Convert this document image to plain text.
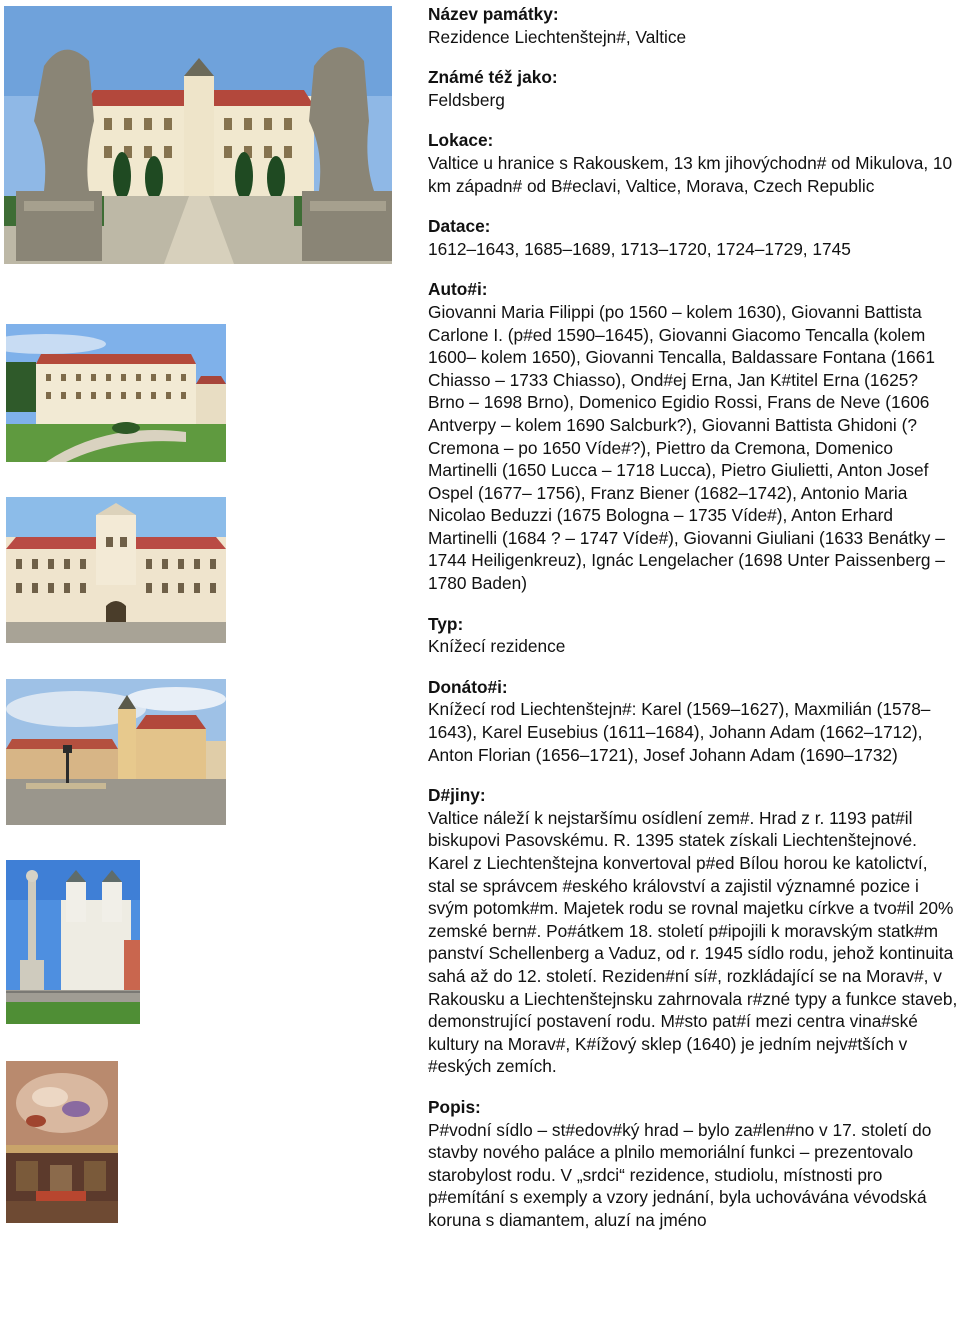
Název památky:
Rezidence Liechtenštejn#, Valtice
Známé též jako:
Feldsberg
Lokace:
Valtice u hranice s Rakouskem, 13 km jihovýchodn# od Mikulova, 10 km západn# od B#eclavi, Valtice, Morava, Czech Republic
Datace:
1612–1643, 1685–1689, 1713–1720, 1724–1729, 1745
Auto#i:
Giovanni Maria Filippi (po 1560 – kolem 1630), Giovanni Battista Carlone I. (p#ed 1590–1645), Giovanni Giacomo Tencalla (kolem 1600– kolem 1650), Giovanni Tencalla, Baldassare Fontana (1661 Chiasso – 1733 Chiasso), Ond#ej Erna, Jan K#titel Erna (1625? Brno – 1698 Brno), Domenico Egidio Rossi, Frans de Neve (1606 Antverpy – kolem 1690 Salcburk?), Giovanni Battista Ghidoni (? Cremona – po 1650 Víde#?), Piettro da Cremona, Domenico Martinelli (1650 Lucca – 1718 Lucca), Pietro Giulietti, Anton Josef Ospel (1677– 1756), Franz Biener (1682–1742), Antonio Maria Nicolao Beduzzi (1675 Bologna – 1735 Víde#), Anton Erhard Martinelli (1684 ? – 1747 Víde#), Giovanni Giuliani (1633 Benátky – 1744 Heiligenkreuz), Ignác Lengelacher (1698 Unter Paissenberg – 1780 Baden)
Typ:
Knížecí rezidence
Donáto#i:
Knížecí rod Liechtenštejn#: Karel (1569–1627), Maxmilián (1578–1643), Karel Eusebius (1611–1684), Johann Adam (1662–1712), Anton Florian (1656–1721), Josef Johann Adam (1690–1732)
D#jiny:
Valtice náleží k nejstaršímu osídlení zem#. Hrad z r. 1193 pat#il biskupovi Pasovskému. R. 1395 statek získali Liechtenštejnové. Karel z Liechtenštejna konvertoval p#ed Bílou horou ke katolictví, stal se správcem #eského království a zajistil významné pozice i svým potomk#m. Majetek rodu se rovnal majetku církve a tvo#il 20% zemské bern#. Po#átkem 18. století p#ipojili k moravským statk#m panství Schellenberg a Vaduz, od r. 1945 sídlo rodu, jehož kontinuita sahá až do 12. století. Reziden#ní sí#, rozkládající se na Morav#, v Rakousku a Liechtenštejnsku zahrnovala r#zné typy a funkce staveb, demonstrující postavení rodu. M#sto pat#í mezi centra vina#ské kultury na Morav#, K#ížový sklep (1640) je jedním nejv#tších v #eských zemích.
Popis:
P#vodní sídlo – st#edov#ký hrad – bylo za#len#no v 17. století do stavby nového paláce a plnilo memoriální funkci – prezentovalo starobylost rodu. V „srdci“ rezidence, studiolu, místnosti pro p#emítání s exemply a vzory jednání, byla uchovávána vévodská koruna s diamantem, aluzí na jméno
